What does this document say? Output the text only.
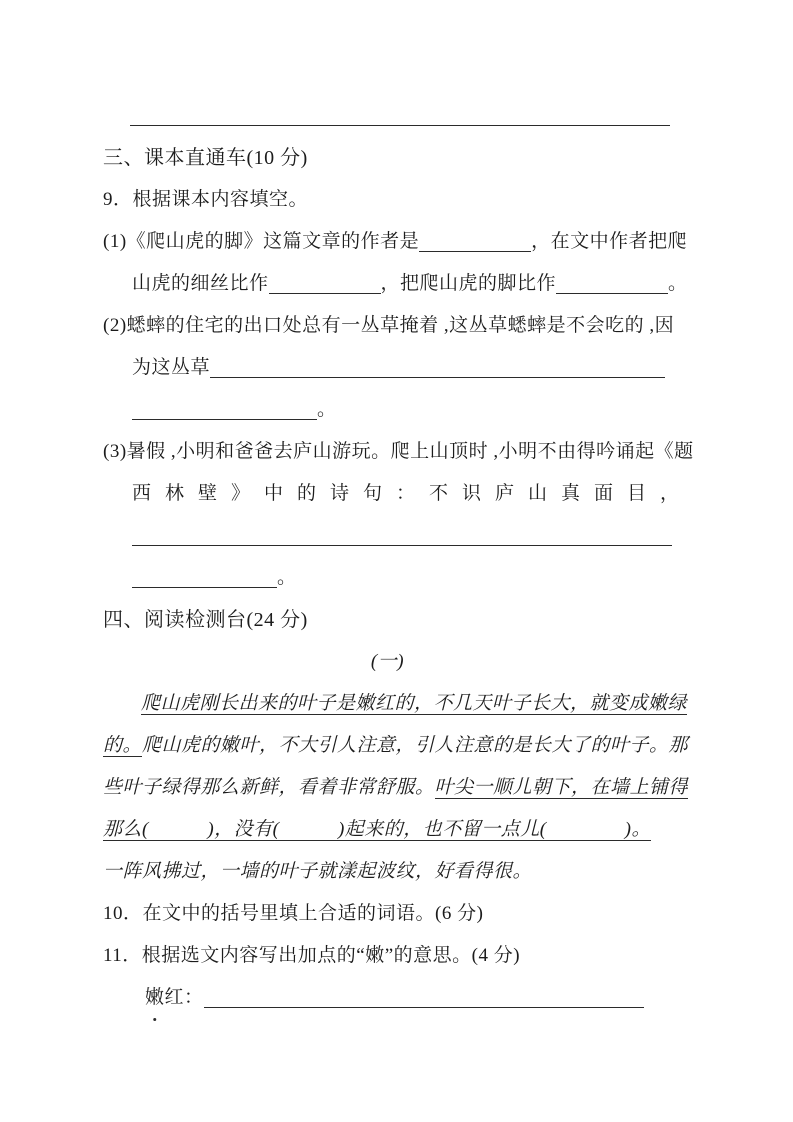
三、课本直通车(10 分)
9．根据课本内容填空。
(1)《爬山虎的脚》这篇文章的作者是	，在文中作者把爬
山虎的细丝比作	，把爬山虎的脚比作	。
(2)蟋蟀的住宅的出口处总有一丛草掩着 ,这丛草蟋蟀是不会吃的 ,因
为这丛草
。
(3)暑假 ,小明和爸爸去庐山游玩。爬上山顶时 ,小明不由得吟诵起《题
西林壁》中的诗句：不识庐山真面目，
。
四、阅读检测台(24 分)
(一)
爬山虎刚长出来的叶子是嫩红的，不几天叶子长大，就变成嫩绿
的。爬山虎的嫩叶，不大引人注意，引人注意的是长大了的叶子。那
些叶子绿得那么新鲜，看着非常舒服。叶尖一顺儿朝下，在墙上铺得
那么(　　　)，没有(　　　)起来的，也不留一点儿(　　　　)。
一阵风拂过，一墙的叶子就漾起波纹，好看得很。
10．在文中的括号里填上合适的词语。(6 分)
11．根据选文内容写出加点的“嫩”的意思。(4 分)
嫩红：
